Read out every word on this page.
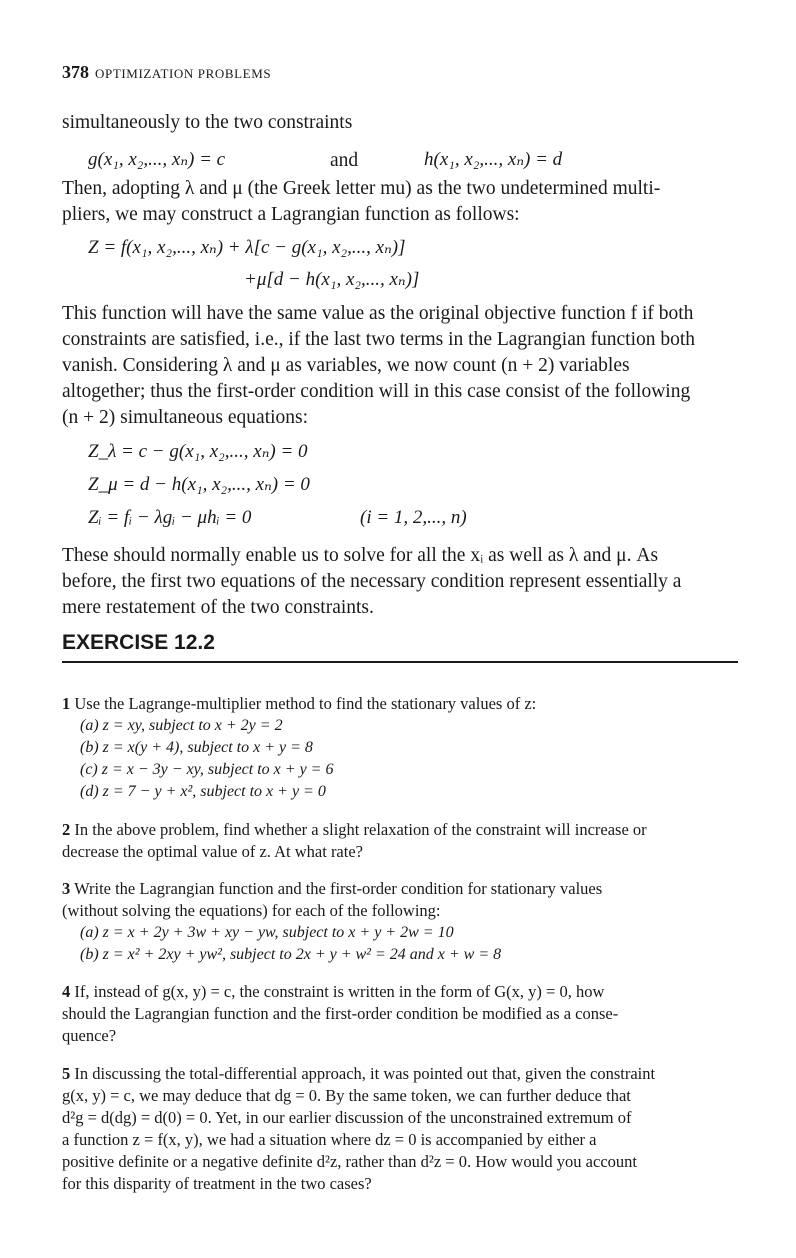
378 OPTIMIZATION PROBLEMS
simultaneously to the two constraints
g(x₁, x₂,..., xₙ) = c	and	h(x₁, x₂,..., xₙ) = d
Then, adopting λ and μ (the Greek letter mu) as the two undetermined multi-
pliers, we may construct a Lagrangian function as follows:
Z = f(x₁, x₂,..., xₙ) + λ[c − g(x₁, x₂,..., xₙ)]
+μ[d − h(x₁, x₂,..., xₙ)]
This function will have the same value as the original objective function f if both
constraints are satisfied, i.e., if the last two terms in the Lagrangian function both
vanish. Considering λ and μ as variables, we now count (n + 2) variables
altogether; thus the first-order condition will in this case consist of the following
(n + 2) simultaneous equations:
Z_λ = c − g(x₁, x₂,..., xₙ) = 0
Z_μ = d − h(x₁, x₂,..., xₙ) = 0
Zᵢ = fᵢ − λgᵢ − μhᵢ = 0	(i = 1, 2,..., n)
These should normally enable us to solve for all the xᵢ as well as λ and μ. As
before, the first two equations of the necessary condition represent essentially a
mere restatement of the two constraints.
EXERCISE 12.2
1 Use the Lagrange-multiplier method to find the stationary values of z:
(a) z = xy, subject to x + 2y = 2
(b) z = x(y + 4), subject to x + y = 8
(c) z = x − 3y − xy, subject to x + y = 6
(d) z = 7 − y + x², subject to x + y = 0
2 In the above problem, find whether a slight relaxation of the constraint will increase or
decrease the optimal value of z. At what rate?
3 Write the Lagrangian function and the first-order condition for stationary values
(without solving the equations) for each of the following:
(a) z = x + 2y + 3w + xy − yw, subject to x + y + 2w = 10
(b) z = x² + 2xy + yw², subject to 2x + y + w² = 24 and x + w = 8
4 If, instead of g(x, y) = c, the constraint is written in the form of G(x, y) = 0, how
should the Lagrangian function and the first-order condition be modified as a conse-
quence?
5 In discussing the total-differential approach, it was pointed out that, given the constraint
g(x, y) = c, we may deduce that dg = 0. By the same token, we can further deduce that
d²g = d(dg) = d(0) = 0. Yet, in our earlier discussion of the unconstrained extremum of
a function z = f(x, y), we had a situation where dz = 0 is accompanied by either a
positive definite or a negative definite d²z, rather than d²z = 0. How would you account
for this disparity of treatment in the two cases?
